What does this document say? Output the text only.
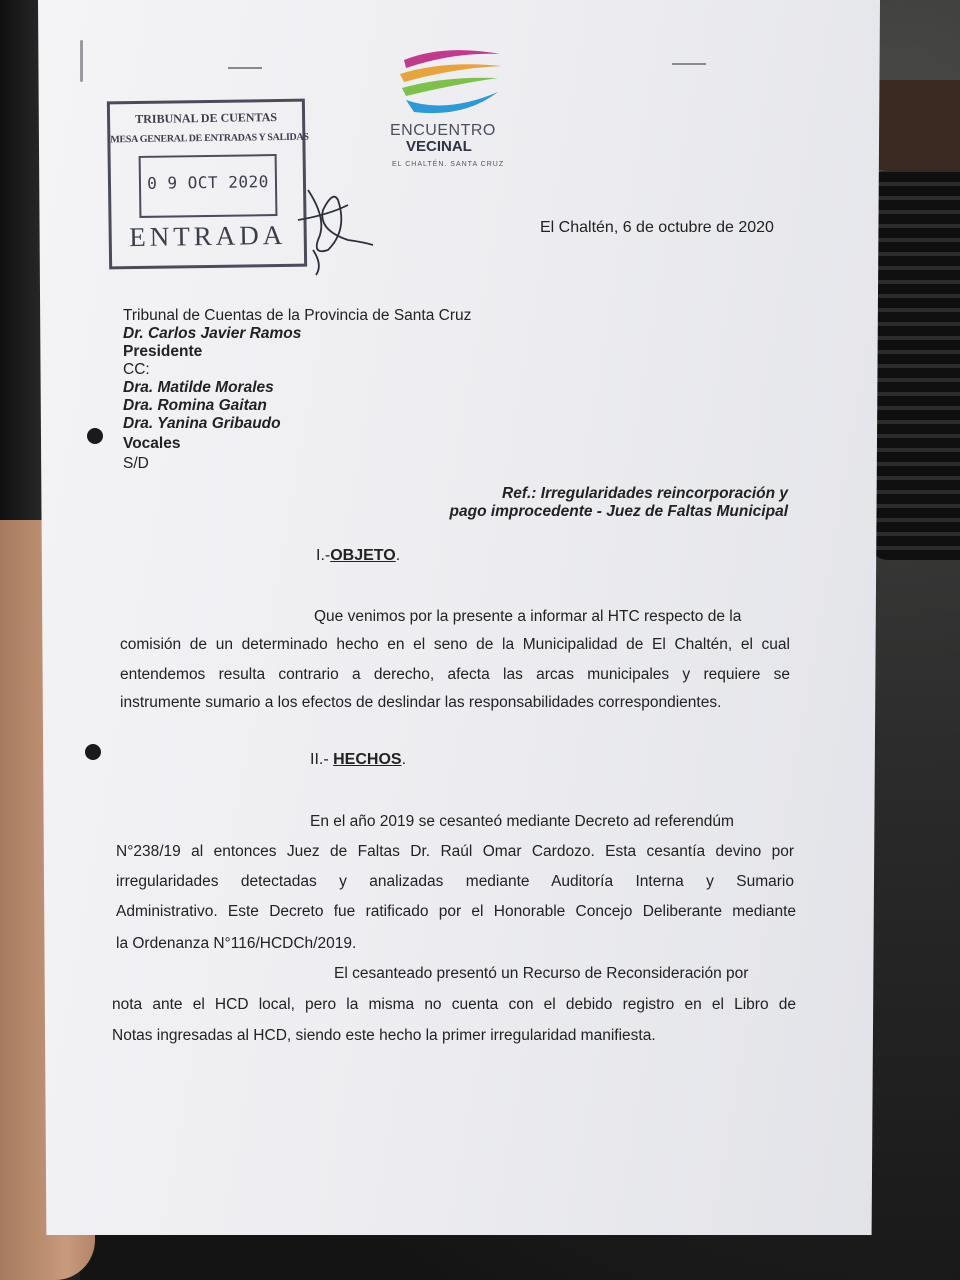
ENCUENTRO
VECINAL
EL CHALTÉN. SANTA CRUZ
TRIBUNAL DE CUENTAS
MESA GENERAL DE ENTRADAS Y SALIDAS
0 9 OCT 2020
ENTRADA	El Chaltén, 6 de octubre de 2020
Tribunal de Cuentas de la Provincia de Santa Cruz
Dr. Carlos Javier Ramos
Presidente
CC:
Dra. Matilde Morales
Dra. Romina Gaitan
Dra. Yanina Gribaudo
Vocales
S/D
Ref.: Irregularidades reincorporación y
pago improcedente - Juez de Faltas Municipal
I.-OBJETO.
Que venimos por la presente a informar al HTC respecto de la
comisión de un determinado hecho en el seno de la Municipalidad de El Chaltén, el cual
entendemos resulta contrario a derecho, afecta las arcas municipales y requiere se
instrumente sumario a los efectos de deslindar las responsabilidades correspondientes.
II.- HECHOS.
En el año 2019 se cesanteó mediante Decreto ad referendúm
N°238/19 al entonces Juez de Faltas Dr. Raúl Omar Cardozo. Esta cesantía devino por
irregularidades detectadas y analizadas mediante Auditoría Interna y Sumario
Administrativo. Este Decreto fue ratificado por el Honorable Concejo Deliberante mediante
la Ordenanza N°116/HCDCh/2019.
El cesanteado presentó un Recurso de Reconsideración por
nota ante el HCD local, pero la misma no cuenta con el debido registro en el Libro de
Notas ingresadas al HCD, siendo este hecho la primer irregularidad manifiesta.
